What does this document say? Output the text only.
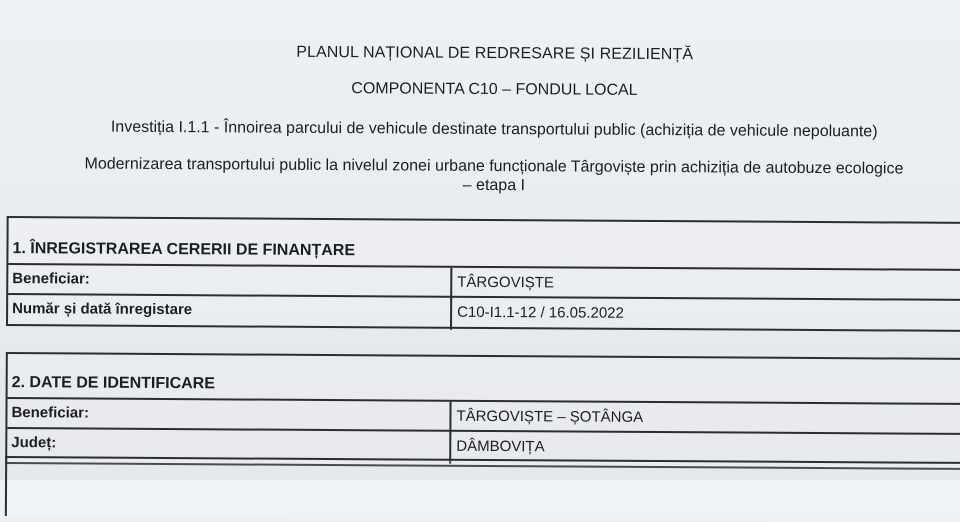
PLANUL NAȚIONAL DE REDRESARE ȘI REZILIENȚĂ
COMPONENTA C10 – FONDUL LOCAL
Investiția I.1.1 - Înnoirea parcului de vehicule destinate transportului public (achiziția de vehicule nepoluante)
Modernizarea transportului public la nivelul zonei urbane funcționale Târgoviște prin achiziția de autobuze ecologice
– etapa I
1. ÎNREGISTRAREA CERERII DE FINANȚARE
Beneficiar:	TÂRGOVIȘTE
Număr și dată înregistare	C10-I1.1-12 / 16.05.2022
2. DATE DE IDENTIFICARE
Beneficiar:	TÂRGOVIȘTE – ȘOTÂNGA
Județ:	DÂMBOVIȚA
